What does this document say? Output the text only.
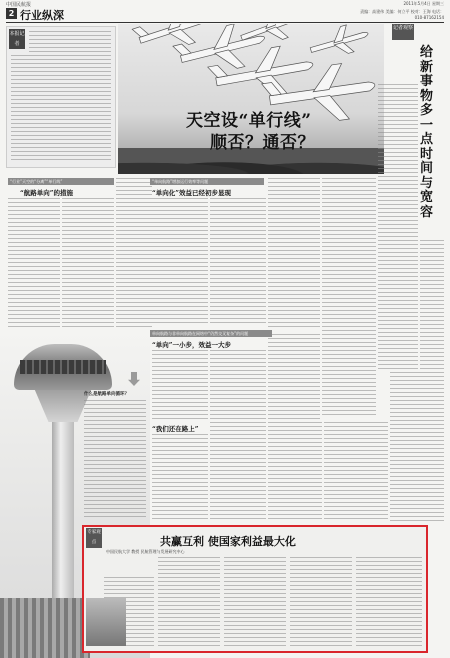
中国民航报
2 行业纵深
2011年5月4日 星期三
责编：高建伟 美编：何立平 校对：王海 电话：010-87162154
本报记者
天空设“单行线”
顺否？通否？
记者观察
给新事物多一点时间与宽容
“行业”天空的“分离”“单行线”
“航路单向”的措施
“单向航路”增加运行效率等问题
“单向化”效益已经初步显现
单向航路与非单向航路在网络中“仍然交叉复杂”的问题
“单向”一小步，效益一大步
“我们还在路上”
什么是航路单向循环？
专家观点	共赢互利 使国家利益最大化
中国民航大学 教授 民航管理与发展研究中心
